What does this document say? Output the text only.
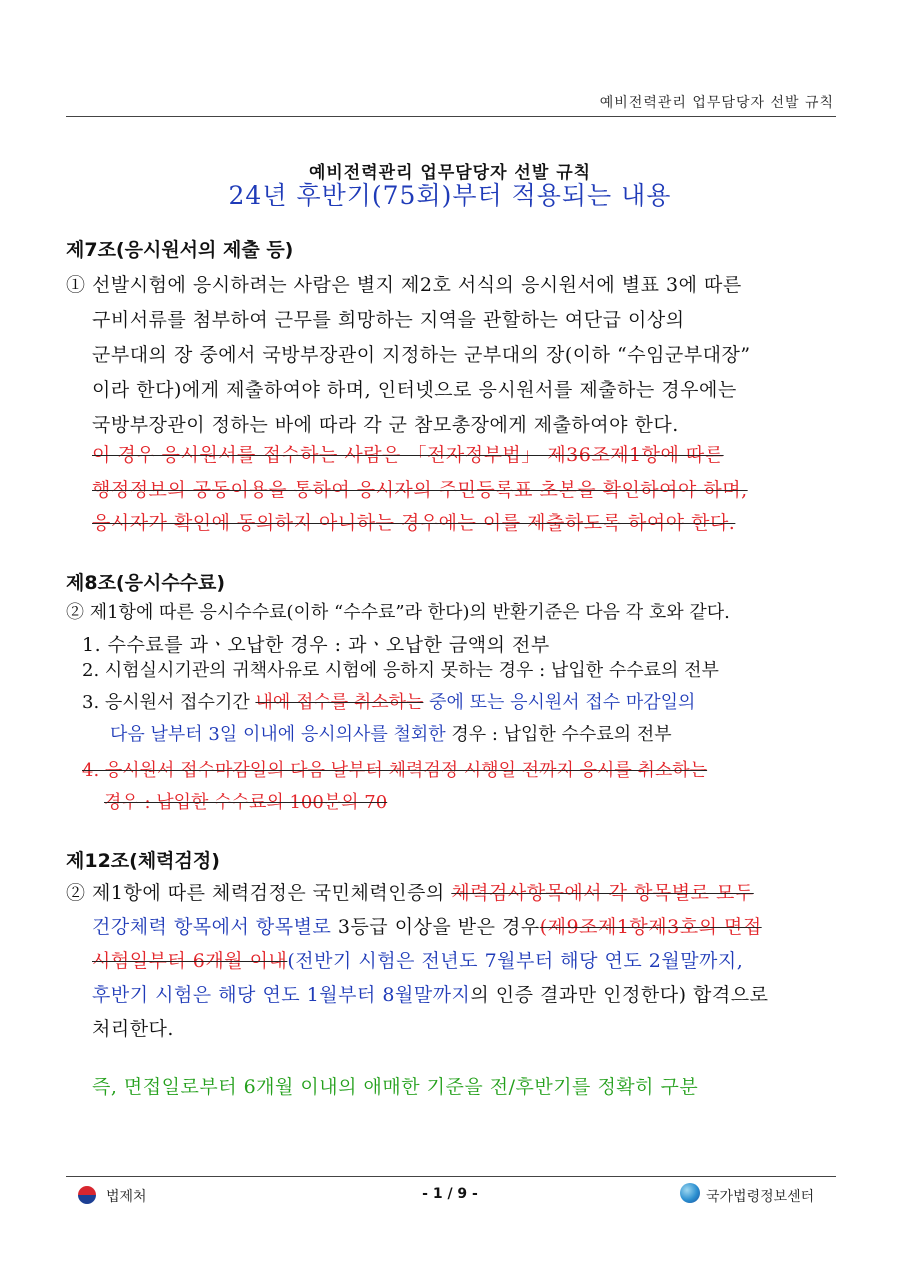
예비전력관리 업무담당자 선발 규칙
예비전력관리 업무담당자 선발 규칙
24년 후반기(75회)부터 적용되는 내용
제7조(응시원서의 제출 등)
① 선발시험에 응시하려는 사람은 별지 제2호 서식의 응시원서에 별표 3에 따른
구비서류를 첨부하여 근무를 희망하는 지역을 관할하는 여단급 이상의
군부대의 장 중에서 국방부장관이 지정하는 군부대의 장(이하 “수임군부대장”
이라 한다)에게 제출하여야 하며, 인터넷으로 응시원서를 제출하는 경우에는
국방부장관이 정하는 바에 따라 각 군 참모총장에게 제출하여야 한다.
이 경우 응시원서를 접수하는 사람은 「전자정부법」 제36조제1항에 따른
행정정보의 공동이용을 통하여 응시자의 주민등록표 초본을 확인하여야 하며,
응시자가 확인에 동의하지 아니하는 경우에는 이를 제출하도록 하여야 한다.
제8조(응시수수료)
② 제1항에 따른 응시수수료(이하 “수수료”라 한다)의 반환기준은 다음 각 호와 같다.
1. 수수료를 과ㆍ오납한 경우 : 과ㆍ오납한 금액의 전부
2. 시험실시기관의 귀책사유로 시험에 응하지 못하는 경우 : 납입한 수수료의 전부
3. 응시원서 접수기간 내에 접수를 취소하는 중에 또는 응시원서 접수 마감일의
다음 날부터 3일 이내에 응시의사를 철회한 경우 : 납입한 수수료의 전부
4. 응시원서 접수마감일의 다음 날부터 체력검정 시행일 전까지 응시를 취소하는
경우 : 납입한 수수료의 100분의 70
제12조(체력검정)
② 제1항에 따른 체력검정은 국민체력인증의 체력검사항목에서 각 항목별로 모두
건강체력 항목에서 항목별로 3등급 이상을 받은 경우(제9조제1항제3호의 면접
시험일부터 6개월 이내(전반기 시험은 전년도 7월부터 해당 연도 2월말까지,
후반기 시험은 해당 연도 1월부터 8월말까지의 인증 결과만 인정한다) 합격으로
처리한다.
즉, 면접일로부터 6개월 이내의 애매한 기준을 전/후반기를 정확히 구분
법제처	- 1 / 9 -	국가법령정보센터
